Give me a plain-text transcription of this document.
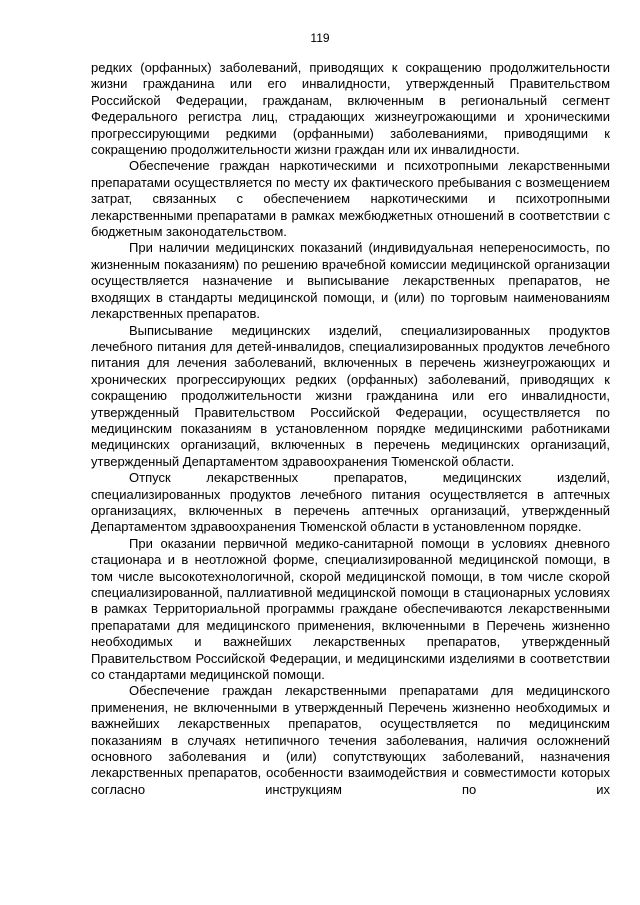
119

редких (орфанных) заболеваний, приводящих к сокращению продолжительности жизни гражданина или его инвалидности, утвержденный Правительством Российской Федерации, гражданам, включенным в региональный сегмент Федерального регистра лиц, страдающих жизнеугрожающими и хроническими прогрессирующими редкими (орфанными) заболеваниями, приводящими к сокращению продолжительности жизни граждан или их инвалидности.

Обеспечение граждан наркотическими и психотропными лекарственными препаратами осуществляется по месту их фактического пребывания с возмещением затрат, связанных с обеспечением наркотическими и психотропными лекарственными препаратами в рамках межбюджетных отношений в соответствии с бюджетным законодательством.

При наличии медицинских показаний (индивидуальная непереносимость, по жизненным показаниям) по решению врачебной комиссии медицинской организации осуществляется назначение и выписывание лекарственных препаратов, не входящих в стандарты медицинской помощи, и (или) по торговым наименованиям лекарственных препаратов.

Выписывание медицинских изделий, специализированных продуктов лечебного питания для детей-инвалидов, специализированных продуктов лечебного питания для лечения заболеваний, включенных в перечень жизнеугрожающих и хронических прогрессирующих редких (орфанных) заболеваний, приводящих к сокращению продолжительности жизни гражданина или его инвалидности, утвержденный Правительством Российской Федерации, осуществляется по медицинским показаниям в установленном порядке медицинскими работниками медицинских организаций, включенных в перечень медицинских организаций, утвержденный Департаментом здравоохранения Тюменской области.

Отпуск лекарственных препаратов, медицинских изделий, специализированных продуктов лечебного питания осуществляется в аптечных организациях, включенных в перечень аптечных организаций, утвержденный Департаментом здравоохранения Тюменской области в установленном порядке.

При оказании первичной медико-санитарной помощи в условиях дневного стационара и в неотложной форме, специализированной медицинской помощи, в том числе высокотехнологичной, скорой медицинской помощи, в том числе скорой специализированной, паллиативной медицинской помощи в стационарных условиях в рамках Территориальной программы граждане обеспечиваются лекарственными препаратами для медицинского применения, включенными в Перечень жизненно необходимых и важнейших лекарственных препаратов, утвержденный Правительством Российской Федерации, и медицинскими изделиями в соответствии со стандартами медицинской помощи.

Обеспечение граждан лекарственными препаратами для медицинского применения, не включенными в утвержденный Перечень жизненно необходимых и важнейших лекарственных препаратов, осуществляется по медицинским показаниям в случаях нетипичного течения заболевания, наличия осложнений основного заболевания и (или) сопутствующих заболеваний, назначения лекарственных препаратов, особенности взаимодействия и совместимости которых согласно инструкциям по их
